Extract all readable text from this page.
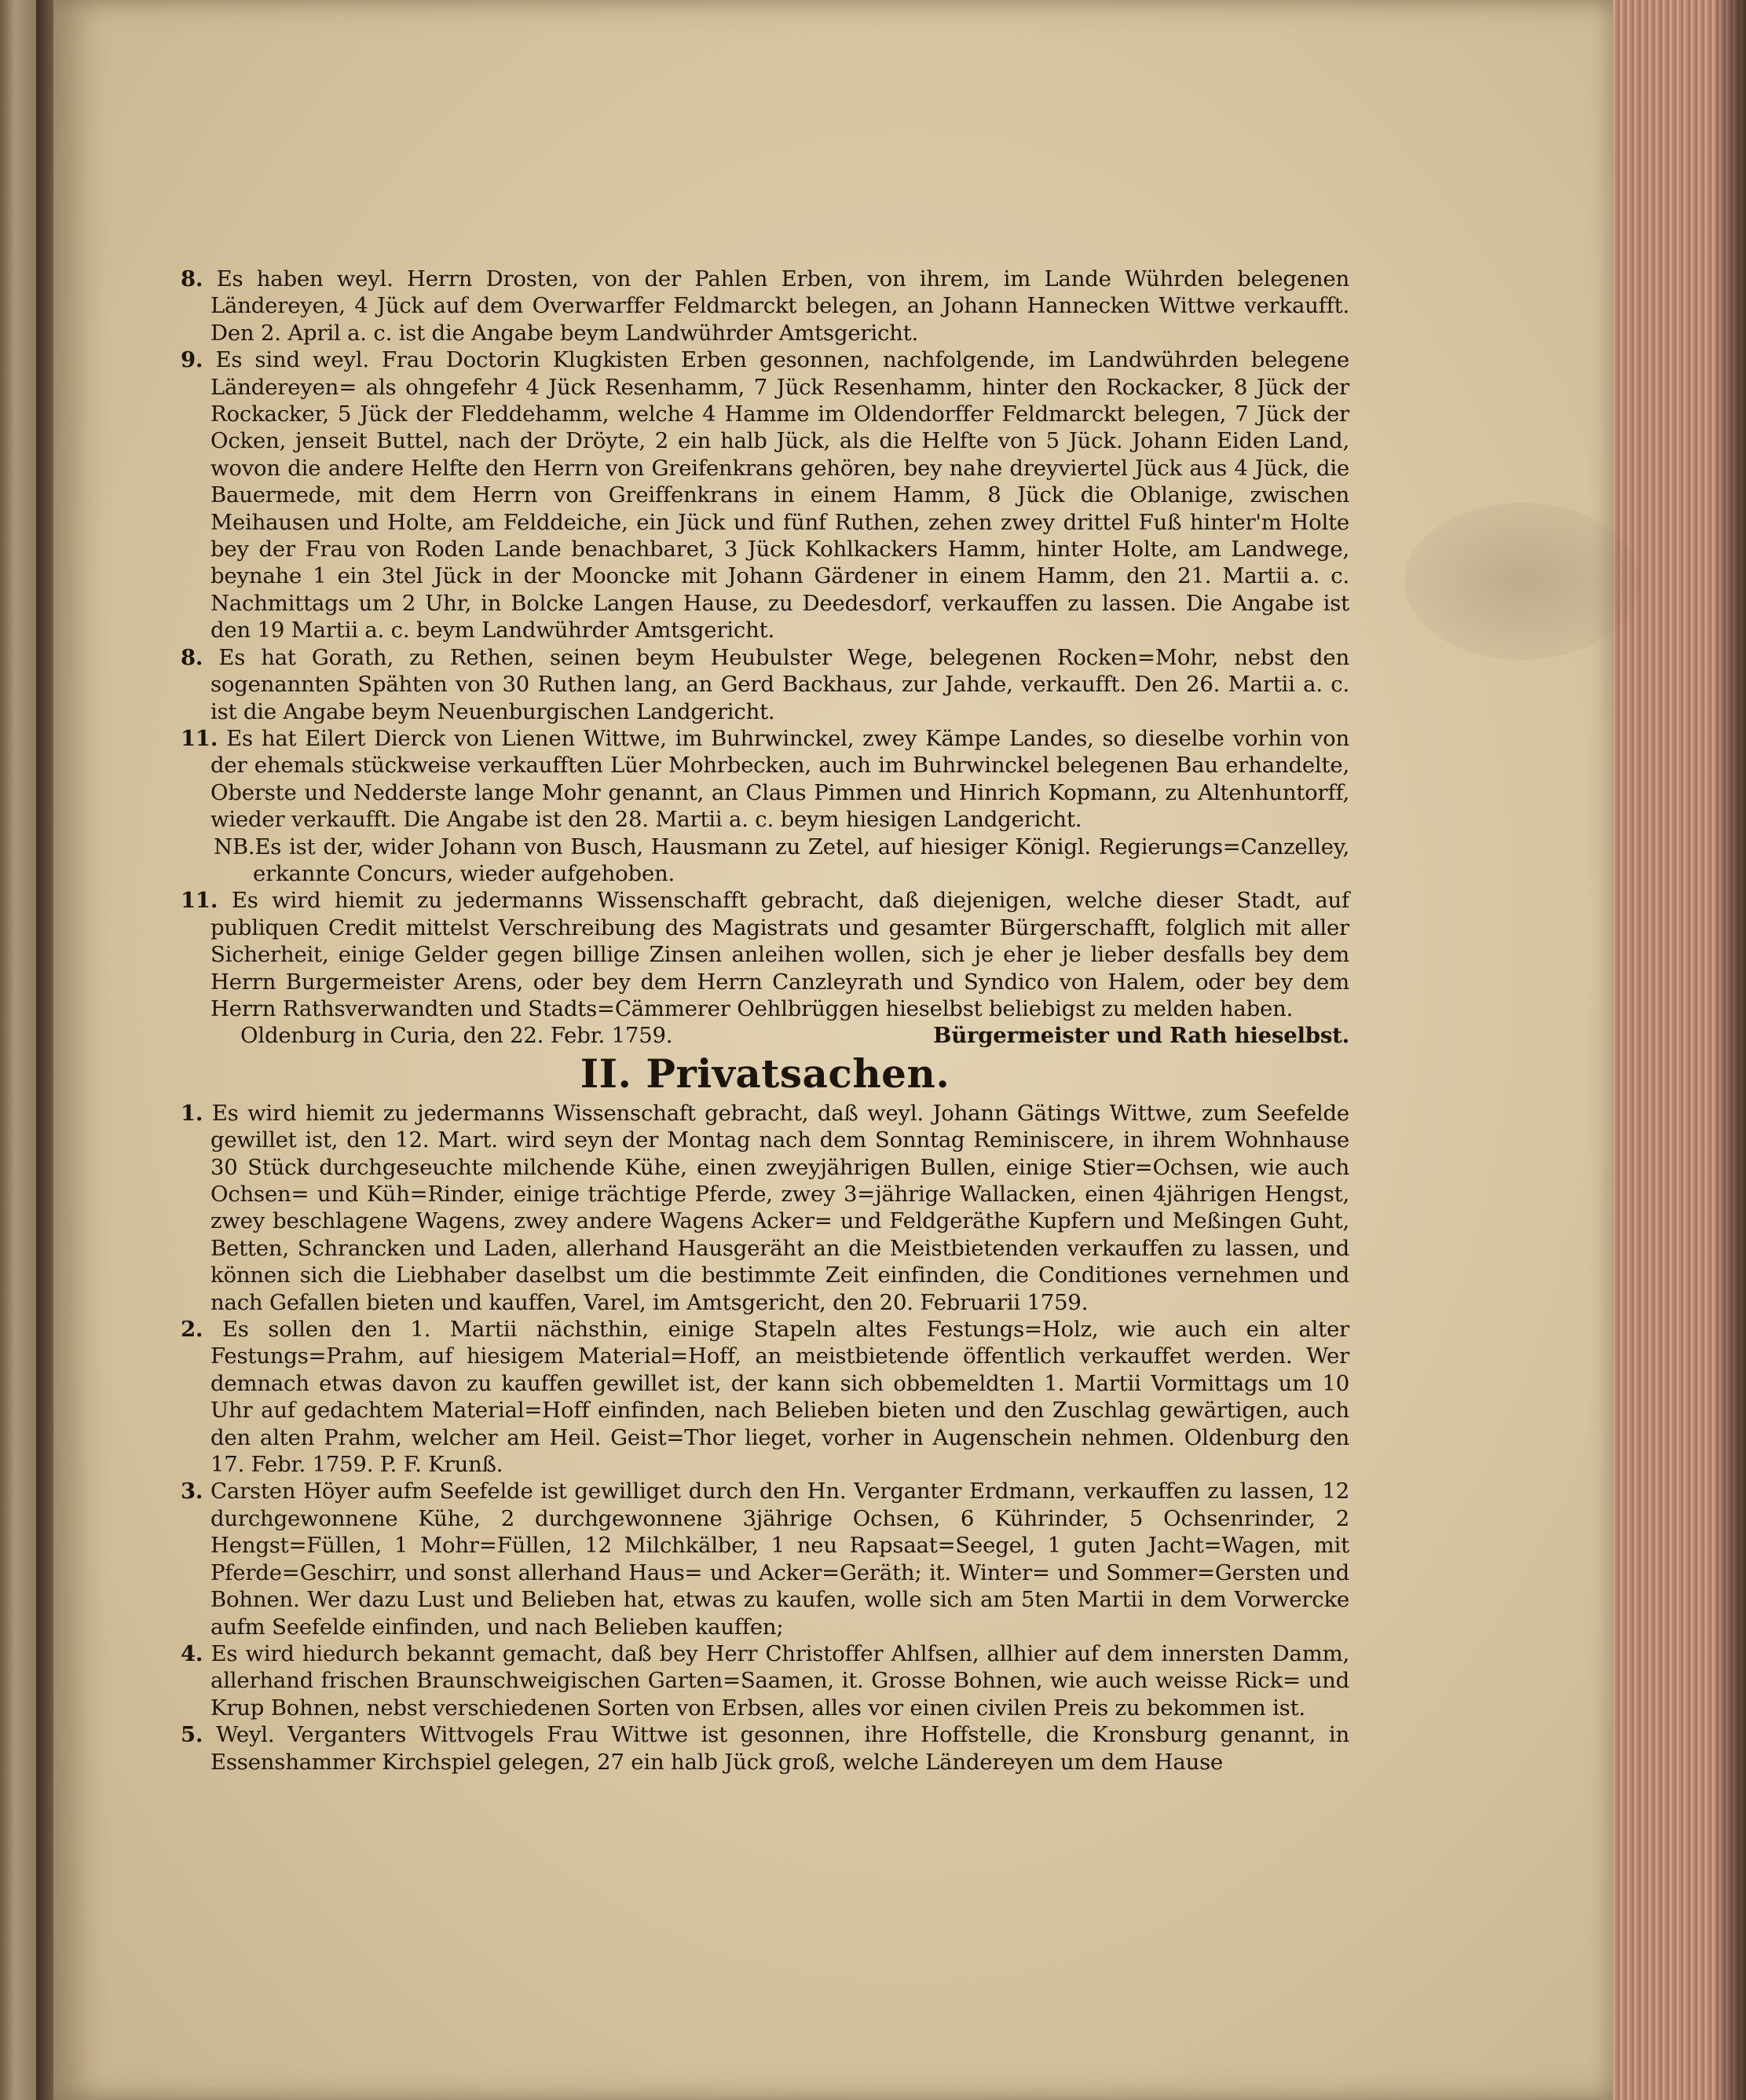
8. Es haben weyl. Herrn Drosten, von der Pahlen Erben, von ihrem, im Lande Wührden belegenen Ländereyen, 4 Jück auf dem Overwarffer Feldmarckt belegen, an Johann Hannecken Wittwe verkaufft. Den 2. April a. c. ist die Angabe beym Landwührder Amtsgericht.

9. Es sind weyl. Frau Doctorin Klugkisten Erben gesonnen, nachfolgende, im Landwührden belegene Ländereyen= als ohngefehr 4 Jück Resenhamm, 7 Jück Resenhamm, hinter den Rockacker, 8 Jück der Rockacker, 5 Jück der Fleddehamm, welche 4 Hamme im Oldendorffer Feldmarckt belegen, 7 Jück der Ocken, jenseit Buttel, nach der Dröyte, 2 ein halb Jück, als die Helfte von 5 Jück. Johann Eiden Land, wovon die andere Helfte den Herrn von Greifenkrans gehören, bey nahe dreyviertel Jück aus 4 Jück, die Bauermede, mit dem Herrn von Greiffenkrans in einem Hamm, 8 Jück die Oblanige, zwischen Meihausen und Holte, am Felddeiche, ein Jück und fünf Ruthen, zehen zwey drittel Fuß hinter'm Holte bey der Frau von Roden Lande benachbaret, 3 Jück Kohlkackers Hamm, hinter Holte, am Landwege, beynahe 1 ein 3tel Jück in der Mooncke mit Johann Gärdener in einem Hamm, den 21. Martii a. c. Nachmittags um 2 Uhr, in Bolcke Langen Hause, zu Deedesdorf, verkauffen zu lassen. Die Angabe ist den 19 Martii a. c. beym Landwührder Amtsgericht.

8. Es hat Gorath, zu Rethen, seinen beym Heubulster Wege, belegenen Rocken=Mohr, nebst den sogenannten Spähten von 30 Ruthen lang, an Gerd Backhaus, zur Jahde, verkaufft. Den 26. Martii a. c. ist die Angabe beym Neuenburgischen Landgericht.

11. Es hat Eilert Dierck von Lienen Wittwe, im Buhrwinckel, zwey Kämpe Landes, so dieselbe vorhin von der ehemals stückweise verkaufften Lüer Mohrbecken, auch im Buhrwinckel belegenen Bau erhandelte, Oberste und Nedderste lange Mohr genannt, an Claus Pimmen und Hinrich Kopmann, zu Altenhuntorff, wieder verkaufft. Die Angabe ist den 28. Martii a. c. beym hiesigen Landgericht.

NB.Es ist der, wider Johann von Busch, Hausmann zu Zetel, auf hiesiger Königl. Regierungs=Canzelley, erkannte Concurs, wieder aufgehoben.

11. Es wird hiemit zu jedermanns Wissenschafft gebracht, daß diejenigen, welche dieser Stadt, auf publiquen Credit mittelst Verschreibung des Magistrats und gesamter Bürgerschafft, folglich mit aller Sicherheit, einige Gelder gegen billige Zinsen anleihen wollen, sich je eher je lieber desfalls bey dem Herrn Burgermeister Arens, oder bey dem Herrn Canzleyrath und Syndico von Halem, oder bey dem Herrn Rathsverwandten und Stadts=Cämmerer Oehlbrüggen hieselbst beliebigst zu melden haben.

Oldenburg in Curia, den 22. Febr. 1759.	Bürgermeister und Rath hieselbst.

II. Privatsachen.

1. Es wird hiemit zu jedermanns Wissenschaft gebracht, daß weyl. Johann Gätings Wittwe, zum Seefelde gewillet ist, den 12. Mart. wird seyn der Montag nach dem Sonntag Reminiscere, in ihrem Wohnhause 30 Stück durchgeseuchte milchende Kühe, einen zweyjährigen Bullen, einige Stier=Ochsen, wie auch Ochsen= und Küh=Rinder, einige trächtige Pferde, zwey 3=jährige Wallacken, einen 4jährigen Hengst, zwey beschlagene Wagens, zwey andere Wagens Acker= und Feldgeräthe Kupfern und Meßingen Guht, Betten, Schrancken und Laden, allerhand Hausgeräht an die Meistbietenden verkauffen zu lassen, und können sich die Liebhaber daselbst um die bestimmte Zeit einfinden, die Conditiones vernehmen und nach Gefallen bieten und kauffen, Varel, im Amtsgericht, den 20. Februarii 1759.

2. Es sollen den 1. Martii nächsthin, einige Stapeln altes Festungs=Holz, wie auch ein alter Festungs=Prahm, auf hiesigem Material=Hoff, an meistbietende öffentlich verkauffet werden. Wer demnach etwas davon zu kauffen gewillet ist, der kann sich obbemeldten 1. Martii Vormittags um 10 Uhr auf gedachtem Material=Hoff einfinden, nach Belieben bieten und den Zuschlag gewärtigen, auch den alten Prahm, welcher am Heil. Geist=Thor lieget, vorher in Augenschein nehmen. Oldenburg den 17. Febr. 1759. P. F. Krunß.

3. Carsten Höyer aufm Seefelde ist gewilliget durch den Hn. Verganter Erdmann, verkauffen zu lassen, 12 durchgewonnene Kühe, 2 durchgewonnene 3jährige Ochsen, 6 Kührinder, 5 Ochsenrinder, 2 Hengst=Füllen, 1 Mohr=Füllen, 12 Milchkälber, 1 neu Rapsaat=Seegel, 1 guten Jacht=Wagen, mit Pferde=Geschirr, und sonst allerhand Haus= und Acker=Geräth; it. Winter= und Sommer=Gersten und Bohnen. Wer dazu Lust und Belieben hat, etwas zu kaufen, wolle sich am 5ten Martii in dem Vorwercke aufm Seefelde einfinden, und nach Belieben kauffen;

4. Es wird hiedurch bekannt gemacht, daß bey Herr Christoffer Ahlfsen, allhier auf dem innersten Damm, allerhand frischen Braunschweigischen Garten=Saamen, it. Grosse Bohnen, wie auch weisse Rick= und Krup Bohnen, nebst verschiedenen Sorten von Erbsen, alles vor einen civilen Preis zu bekommen ist.

5. Weyl. Verganters Wittvogels Frau Wittwe ist gesonnen, ihre Hoffstelle, die Kronsburg genannt, in Essenshammer Kirchspiel gelegen, 27 ein halb Jück groß, welche Ländereyen um dem Hause
